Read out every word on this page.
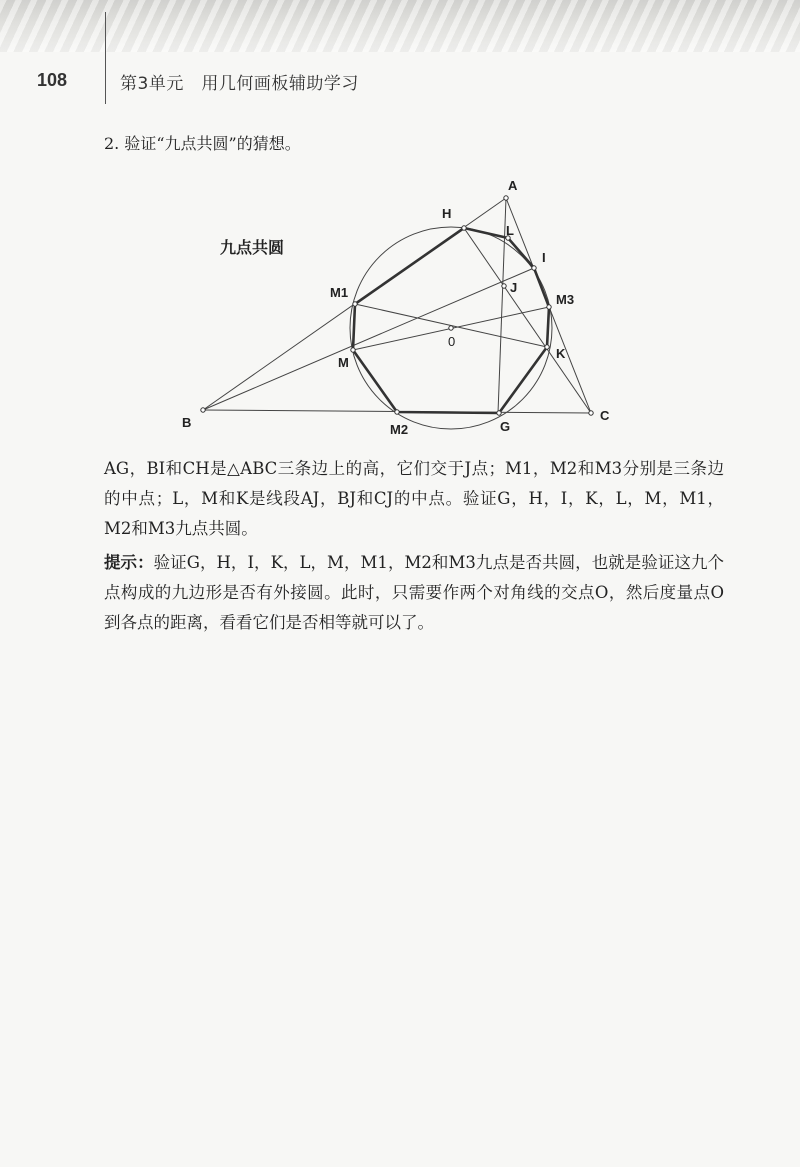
108	第3单元　用几何画板辅助学习
2. 验证“九点共圆”的猜想。
九点共圆
A
B	C
H
L
I
J
M1	M3
0
M
K
M2	G
AG，BI和CH是△ABC三条边上的高，它们交于J点；M1，M2和M3分别是三条边的中点；L，M和K是线段AJ，BJ和CJ的中点。验证G，H，I，K，L，M，M1，M2和M3九点共圆。
提示：验证G，H，I，K，L，M，M1，M2和M3九点是否共圆，也就是验证这九个点构成的九边形是否有外接圆。此时，只需要作两个对角线的交点O，然后度量点O到各点的距离，看看它们是否相等就可以了。
